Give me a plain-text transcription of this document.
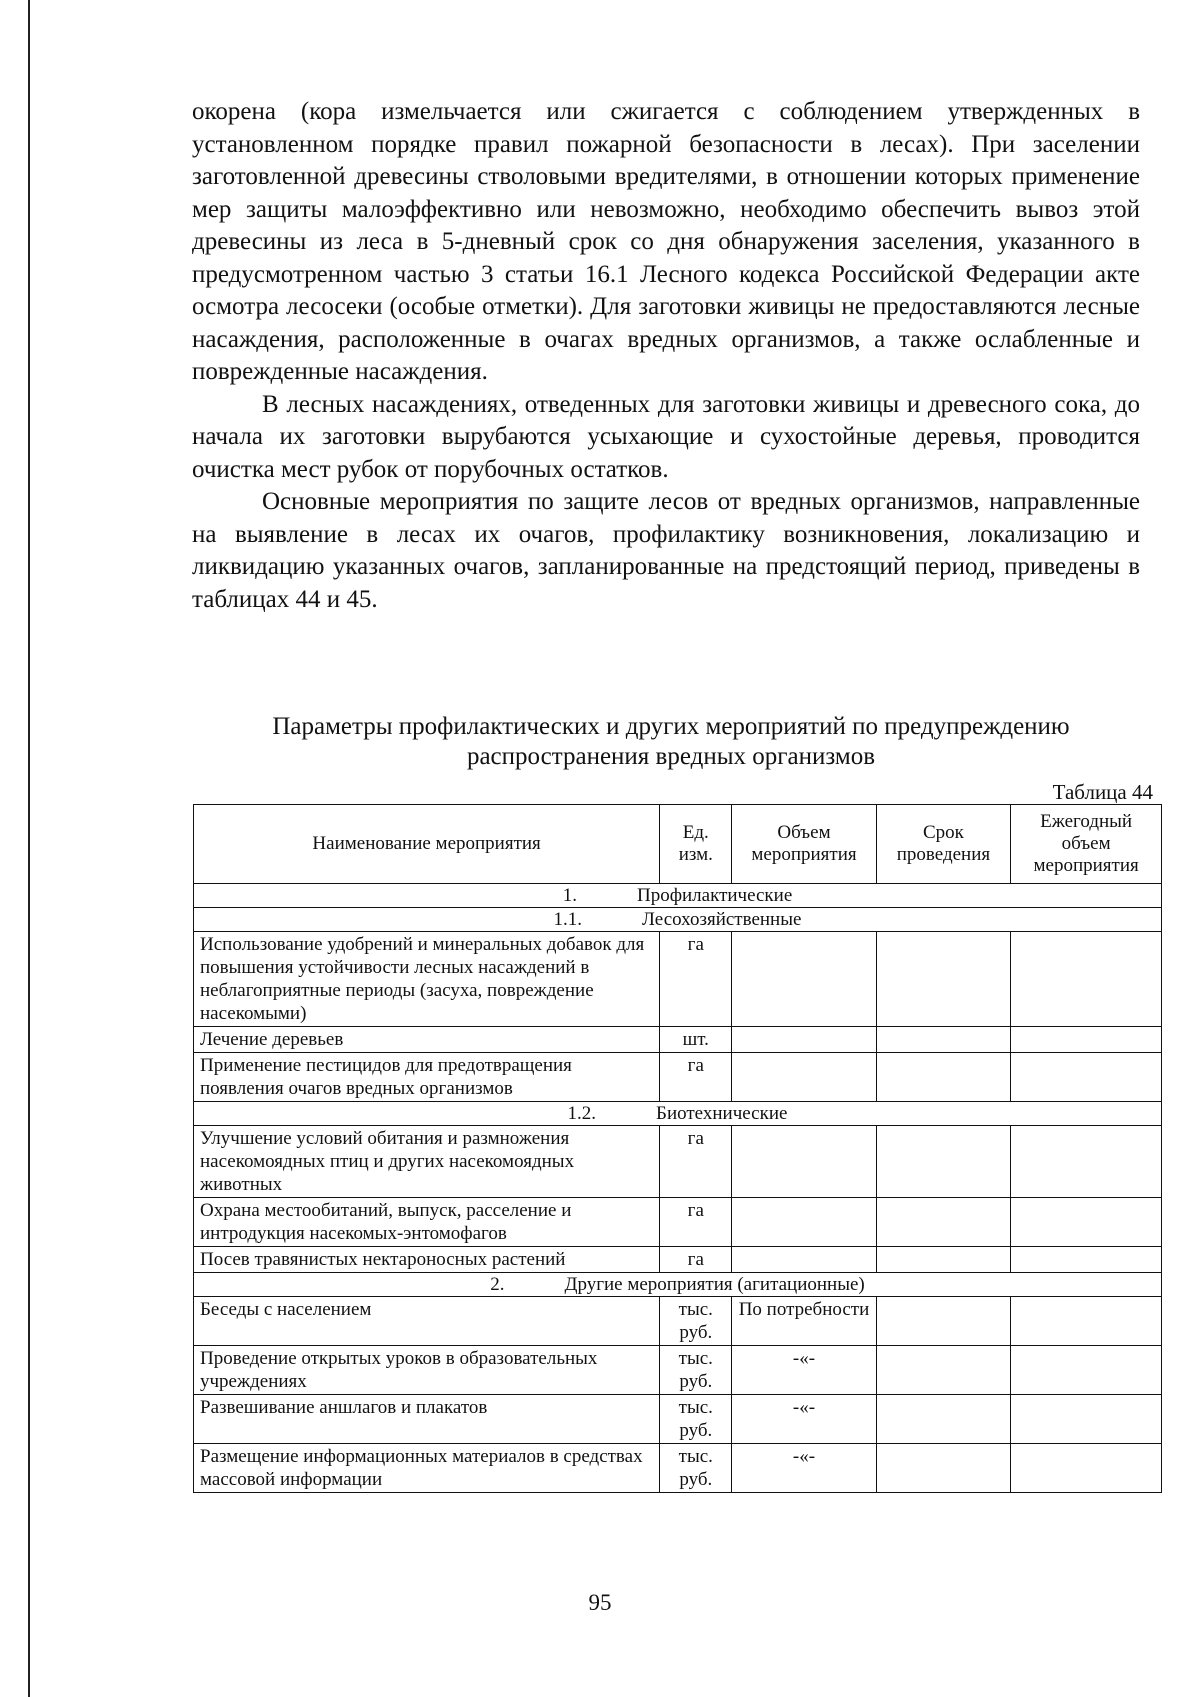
окорена (кора измельчается или сжигается с соблюдением утвержденных в установленном порядке правил пожарной безопасности в лесах). При заселении заготовленной древесины стволовыми вредителями, в отношении которых применение мер защиты малоэффективно или невозможно, необходимо обеспечить вывоз этой древесины из леса в 5-дневный срок со дня обнаружения заселения, указанного в предусмотренном частью 3 статьи 16.1 Лесного кодекса Российской Федерации акте осмотра лесосеки (особые отметки). Для заготовки живицы не предоставляются лесные насаждения, расположенные в очагах вредных организмов, а также ослабленные и поврежденные насаждения.

В лесных насаждениях, отведенных для заготовки живицы и древесного сока, до начала их заготовки вырубаются усыхающие и сухостойные деревья, проводится очистка мест рубок от порубочных остатков.

Основные мероприятия по защите лесов от вредных организмов, направленные на выявление в лесах их очагов, профилактику возникновения, локализацию и ликвидацию указанных очагов, запланированные на предстоящий период, приведены в таблицах 44 и 45.

Параметры профилактических и других мероприятий по предупреждению
распространения вредных организмов
Таблица 44
Наименование мероприятия	Ед. изм.	Объем мероприятия	Срок проведения	Ежегодный объем мероприятия
1. Профилактические				
1.1. Лесохозяйственные				
Использование удобрений и минеральных добавок для повышения устойчивости лесных насаждений в неблагоприятные периоды (засуха, повреждение насекомыми)	га			
Лечение деревьев	шт.			
Применение пестицидов для предотвращения появления очагов вредных организмов	га			
1.2. Биотехнические				
Улучшение условий обитания и размножения насекомоядных птиц и других насекомоядных животных	га			
Охрана местообитаний, выпуск, расселение и интродукция насекомых-энтомофагов	га			
Посев травянистых нектароносных растений	га			
2. Другие мероприятия (агитационные)				
Беседы с населением	тыс. руб.	По потребности		
Проведение открытых уроков в образовательных учреждениях	тыс. руб.	-«-		
Развешивание аншлагов и плакатов	тыс. руб.	-«-		
Размещение информационных материалов в средствах массовой информации	тыс. руб.	-«-		
95
